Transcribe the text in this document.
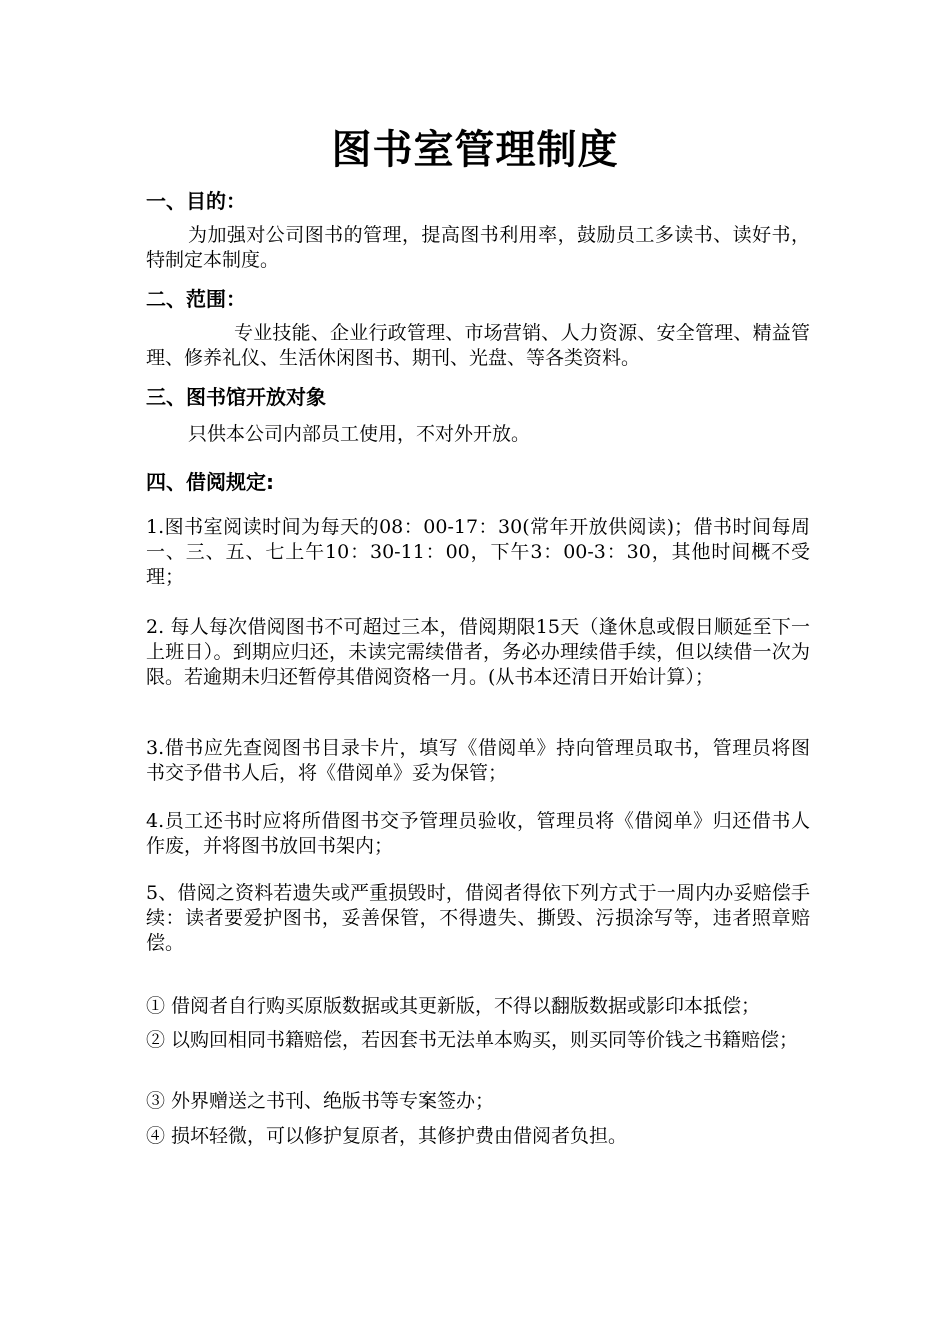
图书室管理制度
一、目的：
为加强对公司图书的管理，提高图书利用率，鼓励员工多读书、读好书，特制定本制度。
二、范围：
专业技能、企业行政管理、市场营销、人力资源、安全管理、精益管理、修养礼仪、生活休闲图书、期刊、光盘、等各类资料。
三、图书馆开放对象
只供本公司内部员工使用，不对外开放。
四、借阅规定:
1.图书室阅读时间为每天的08：00-17：30(常年开放供阅读)；借书时间每周一、三、五、七上午10：30-11：00，下午3：00-3：30，其他时间概不受理；
2. 每人每次借阅图书不可超过三本，借阅期限15天（逢休息或假日顺延至下一上班日）。到期应归还，未读完需续借者，务必办理续借手续，但以续借一次为限。若逾期未归还暂停其借阅资格一月。(从书本还清日开始计算）；
3.借书应先查阅图书目录卡片，填写《借阅单》持向管理员取书，管理员将图书交予借书人后，将《借阅单》妥为保管；
4.员工还书时应将所借图书交予管理员验收，管理员将《借阅单》归还借书人作废，并将图书放回书架内；
5、借阅之资料若遗失或严重损毁时，借阅者得依下列方式于一周内办妥赔偿手续：读者要爱护图书，妥善保管，不得遗失、撕毁、污损涂写等，违者照章赔偿。
① 借阅者自行购买原版数据或其更新版，不得以翻版数据或影印本抵偿；
② 以购回相同书籍赔偿，若因套书无法单本购买，则买同等价钱之书籍赔偿；
③ 外界赠送之书刊、绝版书等专案签办；
④ 损坏轻微，可以修护复原者，其修护费由借阅者负担。
